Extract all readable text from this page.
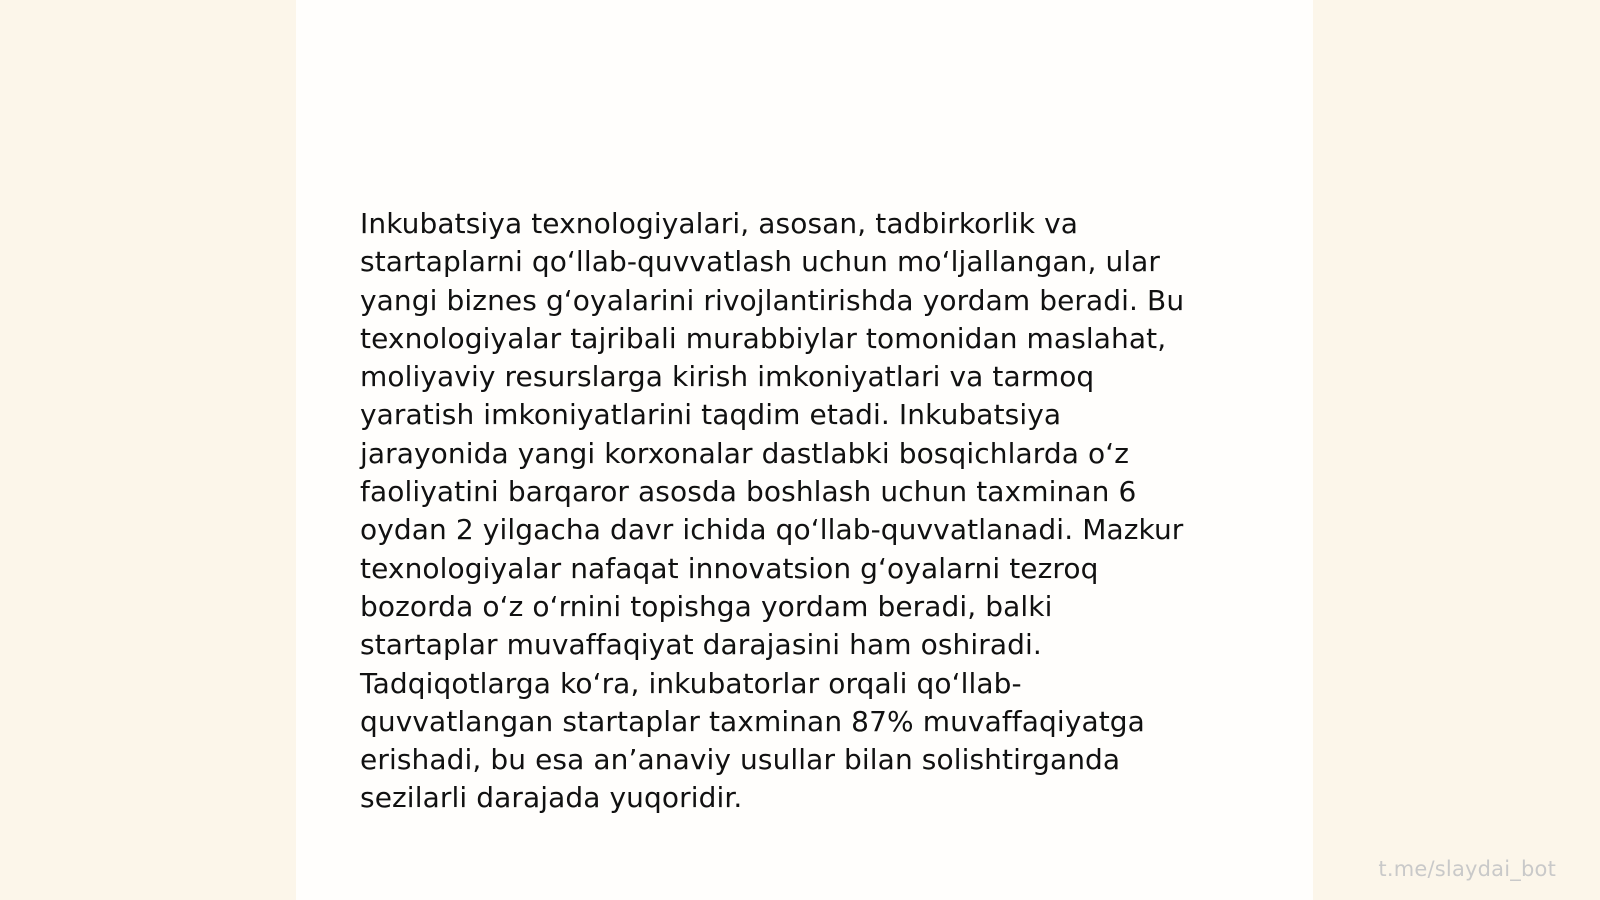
Inkubatsiya texnologiyalari, asosan, tadbirkorlik va
startaplarni qo‘llab-quvvatlash uchun mo‘ljallangan, ular
yangi biznes g‘oyalarini rivojlantirishda yordam beradi. Bu
texnologiyalar tajribali murabbiylar tomonidan maslahat,
moliyaviy resurslarga kirish imkoniyatlari va tarmoq
yaratish imkoniyatlarini taqdim etadi. Inkubatsiya
jarayonida yangi korxonalar dastlabki bosqichlarda o‘z
faoliyatini barqaror asosda boshlash uchun taxminan 6
oydan 2 yilgacha davr ichida qo‘llab-quvvatlanadi. Mazkur
texnologiyalar nafaqat innovatsion g‘oyalarni tezroq
bozorda o‘z o‘rnini topishga yordam beradi, balki
startaplar muvaffaqiyat darajasini ham oshiradi.
Tadqiqotlarga ko‘ra, inkubatorlar orqali qo‘llab-
quvvatlangan startaplar taxminan 87% muvaffaqiyatga
erishadi, bu esa an’anaviy usullar bilan solishtirganda
sezilarli darajada yuqoridir.

t.me/slaydai_bot
